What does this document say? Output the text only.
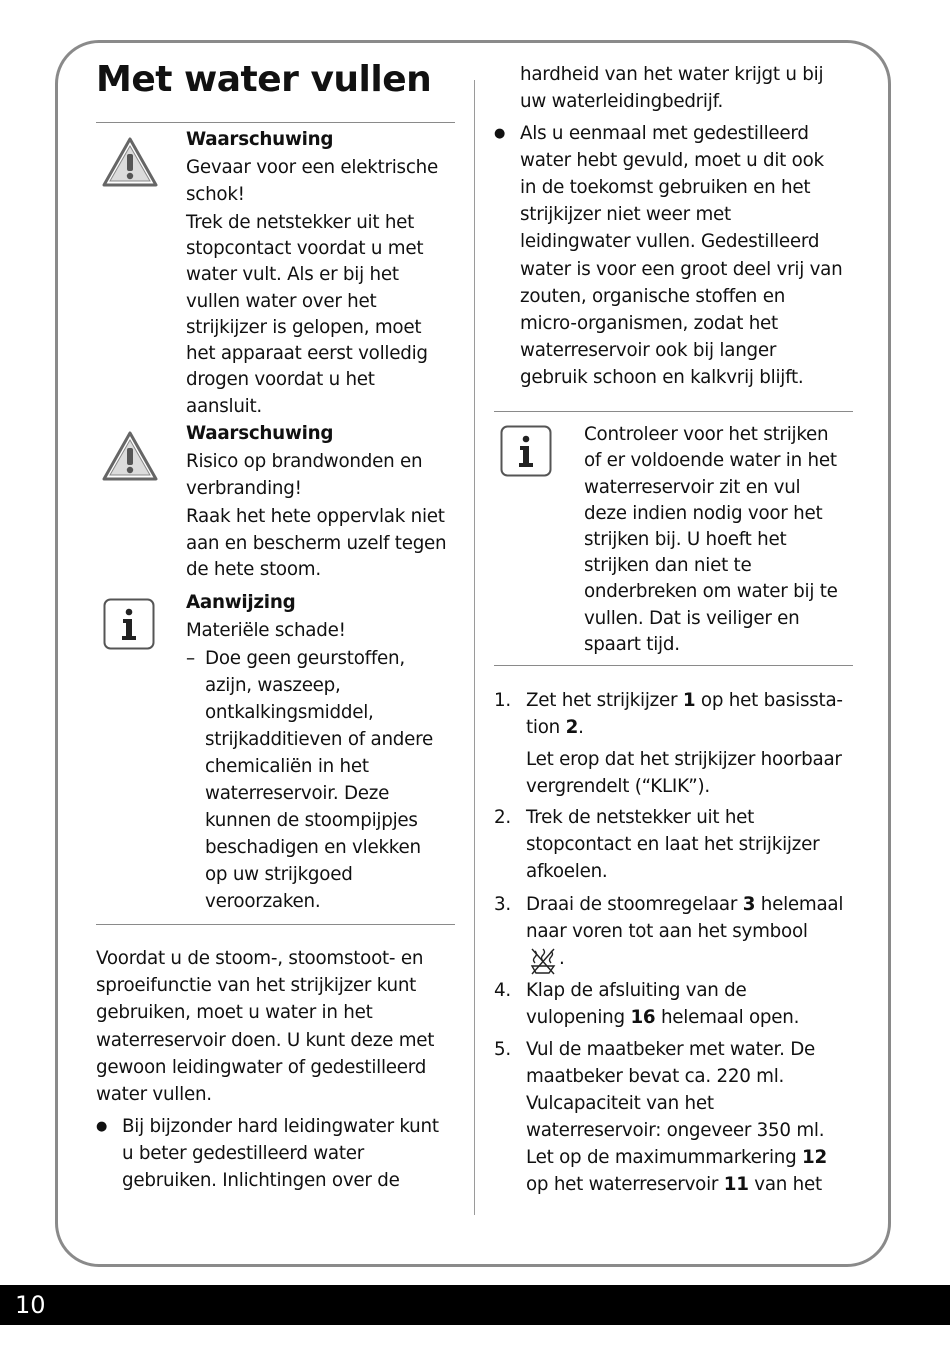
Met water vullen
Waarschuwing
Gevaar voor een elektrische
schok!
Trek de netstekker uit het
stopcontact voordat u met
water vult. Als er bij het
vullen water over het
strijkijzer is gelopen, moet
het apparaat eerst volledig
drogen voordat u het
aansluit.
Waarschuwing
Risico op brandwonden en
verbranding!
Raak het hete oppervlak niet
aan en bescherm uzelf tegen
de hete stoom.
Aanwijzing
Materiële schade!
– Doe geen geurstoffen,
azijn, waszeep,
ontkalkingsmiddel,
strijkadditieven of andere
chemicaliën in het
waterreservoir. Deze
kunnen de stoompijpjes
beschadigen en vlekken
op uw strijkgoed
veroorzaken.
Voordat u de stoom-, stoomstoot- en
sproeifunctie van het strijkijzer kunt
gebruiken, moet u water in het
waterreservoir doen. U kunt deze met
gewoon leidingwater of gedestilleerd
water vullen.
● Bij bijzonder hard leidingwater kunt
u beter gedestilleerd water
gebruiken. Inlichtingen over de
hardheid van het water krijgt u bij
uw waterleidingbedrijf.
● Als u eenmaal met gedestilleerd
water hebt gevuld, moet u dit ook
in de toekomst gebruiken en het
strijkijzer niet weer met
leidingwater vullen. Gedestilleerd
water is voor een groot deel vrij van
zouten, organische stoffen en
micro-organismen, zodat het
waterreservoir ook bij langer
gebruik schoon en kalkvrij blijft.
Controleer voor het strijken
of er voldoende water in het
waterreservoir zit en vul
deze indien nodig voor het
strijken bij. U hoeft het
strijken dan niet te
onderbreken om water bij te
vullen. Dat is veiliger en
spaart tijd.
1. Zet het strijkijzer 1 op het basissta-
tion 2.
Let erop dat het strijkijzer hoorbaar
vergrendelt (“KLIK”).
2. Trek de netstekker uit het
stopcontact en laat het strijkijzer
afkoelen.
3. Draai de stoomregelaar 3 helemaal
naar voren tot aan het symbool
.
4. Klap de afsluiting van de
vulopening 16 helemaal open.
5. Vul de maatbeker met water. De
maatbeker bevat ca. 220 ml.
Vulcapaciteit van het
waterreservoir: ongeveer 350 ml.
Let op de maximummarkering 12
op het waterreservoir 11 van het
10
